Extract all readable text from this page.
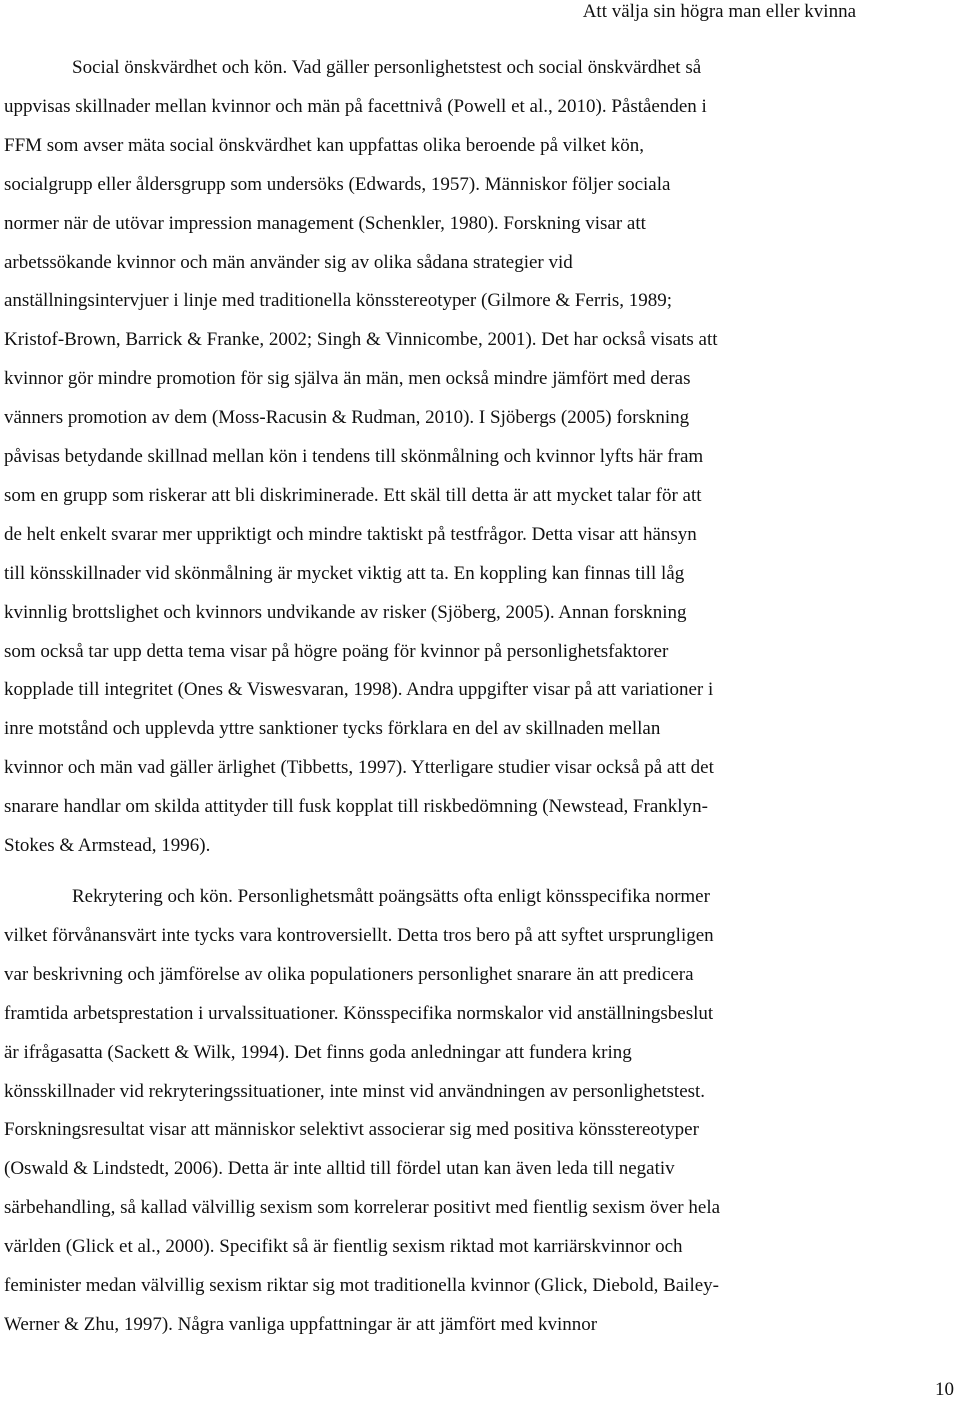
Att välja sin högra man eller kvinna
Social önskvärdhet och kön. Vad gäller personlighetstest och social önskvärdhet så
uppvisas skillnader mellan kvinnor och män på facettnivå (Powell et al., 2010). Påståenden i
FFM som avser mäta social önskvärdhet kan uppfattas olika beroende på vilket kön,
socialgrupp eller åldersgrupp som undersöks (Edwards, 1957). Människor följer sociala
normer när de utövar impression management (Schenkler, 1980). Forskning visar att
arbetssökande kvinnor och män använder sig av olika sådana strategier vid
anställningsintervjuer i linje med traditionella könsstereotyper (Gilmore & Ferris, 1989;
Kristof-Brown, Barrick & Franke, 2002; Singh & Vinnicombe, 2001). Det har också visats att
kvinnor gör mindre promotion för sig själva än män, men också mindre jämfört med deras
vänners promotion av dem (Moss-Racusin & Rudman, 2010). I Sjöbergs (2005) forskning
påvisas betydande skillnad mellan kön i tendens till skönmålning och kvinnor lyfts här fram
som en grupp som riskerar att bli diskriminerade. Ett skäl till detta är att mycket talar för att
de helt enkelt svarar mer uppriktigt och mindre taktiskt på testfrågor. Detta visar att hänsyn
till könsskillnader vid skönmålning är mycket viktig att ta. En koppling kan finnas till låg
kvinnlig brottslighet och kvinnors undvikande av risker (Sjöberg, 2005). Annan forskning
som också tar upp detta tema visar på högre poäng för kvinnor på personlighetsfaktorer
kopplade till integritet (Ones & Viswesvaran, 1998). Andra uppgifter visar på att variationer i
inre motstånd och upplevda yttre sanktioner tycks förklara en del av skillnaden mellan
kvinnor och män vad gäller ärlighet (Tibbetts, 1997). Ytterligare studier visar också på att det
snarare handlar om skilda attityder till fusk kopplat till riskbedömning (Newstead, Franklyn-
Stokes & Armstead, 1996).
Rekrytering och kön. Personlighetsmått poängsätts ofta enligt könsspecifika normer
vilket förvånansvärt inte tycks vara kontroversiellt. Detta tros bero på att syftet ursprungligen
var beskrivning och jämförelse av olika populationers personlighet snarare än att predicera
framtida arbetsprestation i urvalssituationer. Könsspecifika normskalor vid anställningsbeslut
är ifrågasatta (Sackett & Wilk, 1994). Det finns goda anledningar att fundera kring
könsskillnader vid rekryteringssituationer, inte minst vid användningen av personlighetstest.
Forskningsresultat visar att människor selektivt associerar sig med positiva könsstereotyper
(Oswald & Lindstedt, 2006). Detta är inte alltid till fördel utan kan även leda till negativ
särbehandling, så kallad välvillig sexism som korrelerar positivt med fientlig sexism över hela
världen (Glick et al., 2000). Specifikt så är fientlig sexism riktad mot karriärskvinnor och
feminister medan välvillig sexism riktar sig mot traditionella kvinnor (Glick, Diebold, Bailey-
Werner & Zhu, 1997). Några vanliga uppfattningar är att jämfört med kvinnor
10
